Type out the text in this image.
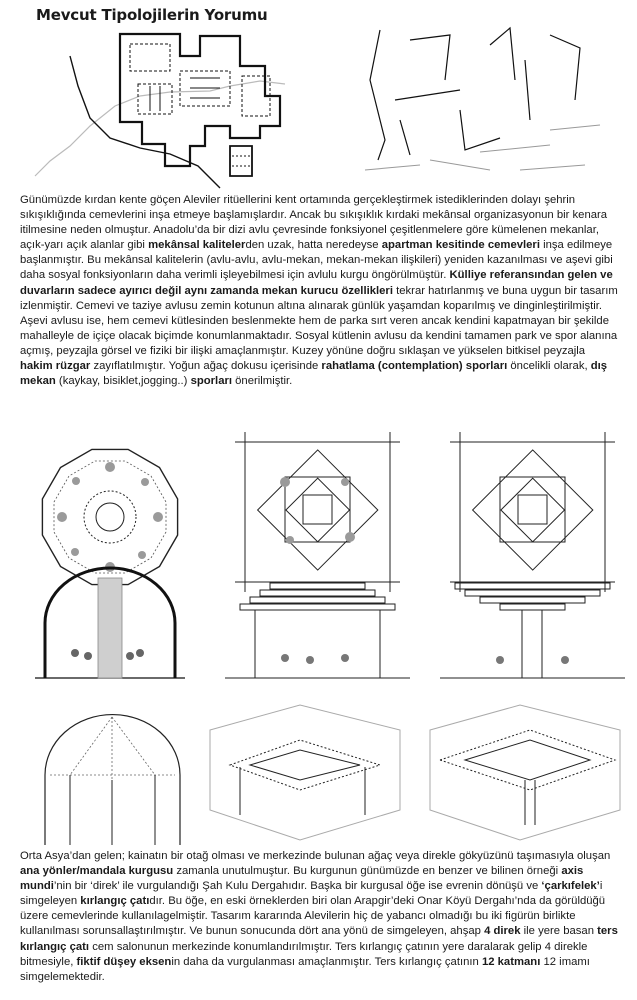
Mevcut Tipolojilerin Yorumu

Günümüzde kırdan kente göçen Aleviler ritüellerini kent ortamında gerçekleştirmek istediklerinden dolayı şehrin sıkışıklığında cemevlerini inşa etmeye başlamışlardır. Ancak bu sıkışıklık kırdaki mekânsal organizasyonun bir kenara itilmesine neden olmuştur. Anadolu’da bir dizi avlu çevresinde fonksiyonel çeşitlenmelere göre kümelenen mekanlar, açık-yarı açık alanlar gibi mekânsal kalitelerden uzak, hatta neredeyse apartman kesitinde cemevleri inşa edilmeye başlanmıştır. Bu mekânsal kalitelerin (avlu-avlu, avlu-mekan, mekan-mekan ilişkileri) yeniden kazanılması ve aşevi gibi daha sosyal fonksiyonların daha verimli işleyebilmesi için avlulu kurgu öngörülmüştür. Külliye referansından gelen ve duvarların sadece ayırıcı değil aynı zamanda mekan kurucu özellikleri tekrar hatırlanmış ve buna uygun bir tasarım izlenmiştir. Cemevi ve taziye avlusu zemin kotunun altına alınarak günlük yaşamdan koparılmış ve dinginleştirilmiştir. Aşevi avlusu ise, hem cemevi kütlesinden beslenmekte hem de parka sırt veren ancak kendini kapatmayan bir şekilde mahalleyle de içiçe olacak biçimde konumlanmaktadır. Sosyal kütlenin avlusu da kendini tamamen park ve spor alanına açmış, peyzajla görsel ve fiziki bir ilişki amaçlanmıştır. Kuzey yönüne doğru sıklaşan ve yükselen bitkisel peyzajla hakim rüzgar zayıflatılmıştır. Yoğun ağaç dokusu içerisinde rahatlama (contemplation) sporları öncelikli olarak, dış mekan (kaykay, bisiklet,jogging..) sporları önerilmiştir.

Orta Asya’dan gelen; kainatın bir otağ olması ve merkezinde bulunan ağaç veya direkle gökyüzünü taşımasıyla oluşan ana yönler/mandala kurgusu zamanla unutulmuştur. Bu kurgunun günümüzde en benzer ve bilinen örneği axis mundi’nin bir ‘direk’ ile vurgulandığı Şah Kulu Dergahıdır. Başka bir kurgusal öğe ise evrenin dönüşü ve ‘çarkıfelek’i simgeleyen kırlangıç çatıdır. Bu öğe, en eski örneklerden biri olan Arapgir’deki Onar Köyü Dergahı’nda da görüldüğü üzere cemevlerinde kullanılagelmiştir. Tasarım kararında Alevilerin hiç de yabancı olmadığı bu iki figürün birlikte kullanılması sorunsallaştırılmıştır. Ve bunun sonucunda dört ana yönü de simgeleyen, ahşap 4 direk ile yere basan ters kırlangıç çatı cem salonunun merkezinde konumlandırılmıştır. Ters kırlangıç çatının yere daralarak gelip 4 direkle bitmesiyle, fiktif düşey eksenin daha da vurgulanması amaçlanmıştır. Ters kırlangıç çatının 12 katmanı 12 imamı simgelemektedir.
